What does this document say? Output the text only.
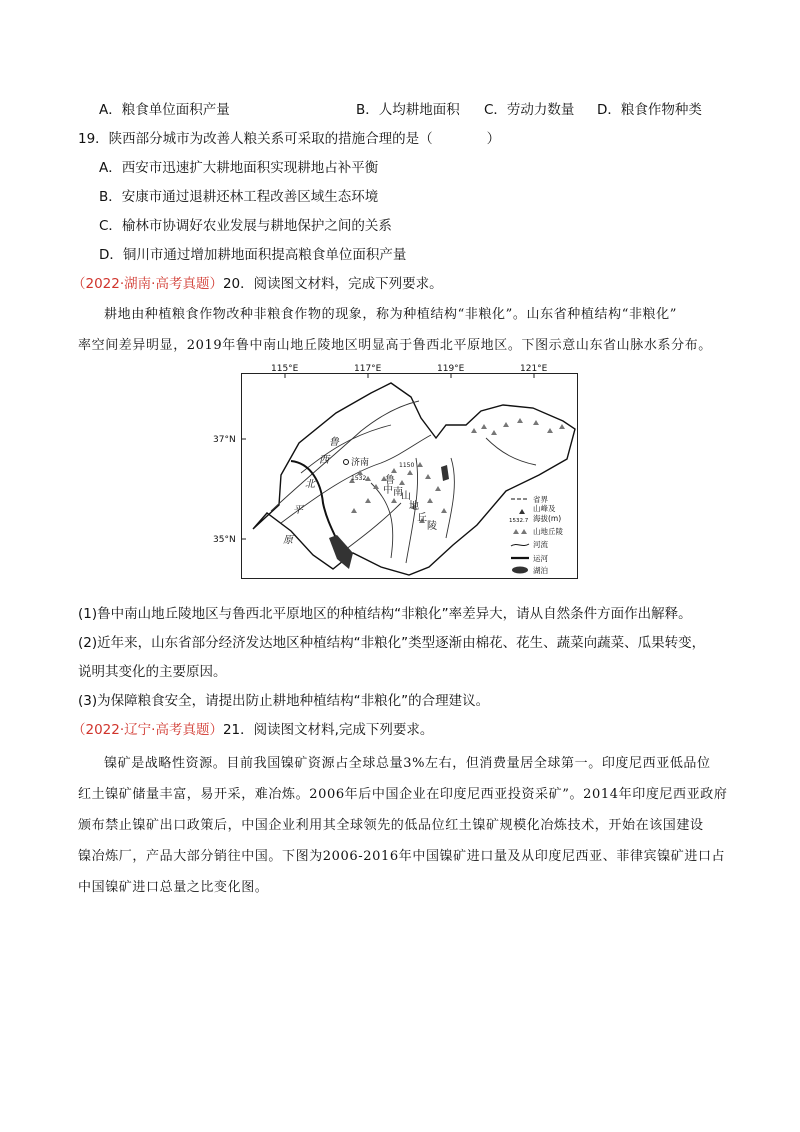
A．粮食单位面积产量	B．人均耕地面积 C．劳动力数量 D．粮食作物种类
19．陕西部分城市为改善人粮关系可采取的措施合理的是（　　　　）
A．西安市迅速扩大耕地面积实现耕地占补平衡
B．安康市通过退耕还林工程改善区域生态环境
C．榆林市协调好农业发展与耕地保护之间的关系
D．铜川市通过增加耕地面积提高粮食单位面积产量
（2022·湖南·高考真题）20．阅读图文材料，完成下列要求。
耕地由种植粮食作物改种非粮食作物的现象，称为种植结构“非粮化”。山东省种植结构“非粮化”
率空间差异明显，2019年鲁中南山地丘陵地区明显高于鲁西北平原地区。下图示意山东省山脉水系分布。
115°E	117°E	119°E	121°E
37°N
35°N
济南
1532
1150
鲁
西
北
平
原
鲁
中 南
山
地
丘
陵
省界
山峰及
海拔(m)
1532.7
山地丘陵
河流
运河
湖泊
(1)鲁中南山地丘陵地区与鲁西北平原地区的种植结构“非粮化”率差异大，请从自然条件方面作出解释。
(2)近年来，山东省部分经济发达地区种植结构“非粮化”类型逐渐由棉花、花生、蔬菜向蔬菜、瓜果转变，
说明其变化的主要原因。
(3)为保障粮食安全，请提出防止耕地种植结构“非粮化”的合理建议。
（2022·辽宁·高考真题）21．阅读图文材料,完成下列要求。
镍矿是战略性资源。目前我国镍矿资源占全球总量3%左右，但消费量居全球第一。印度尼西亚低品位
红土镍矿储量丰富，易开采，难冶炼。2006年后中国企业在印度尼西亚投资采矿”。2014年印度尼西亚政府
颁布禁止镍矿出口政策后，中国企业利用其全球领先的低品位红土镍矿规模化冶炼技术，开始在该国建设
镍冶炼厂，产品大部分销往中国。下图为2006-2016年中国镍矿进口量及从印度尼西亚、菲律宾镍矿进口占
中国镍矿进口总量之比变化图。
